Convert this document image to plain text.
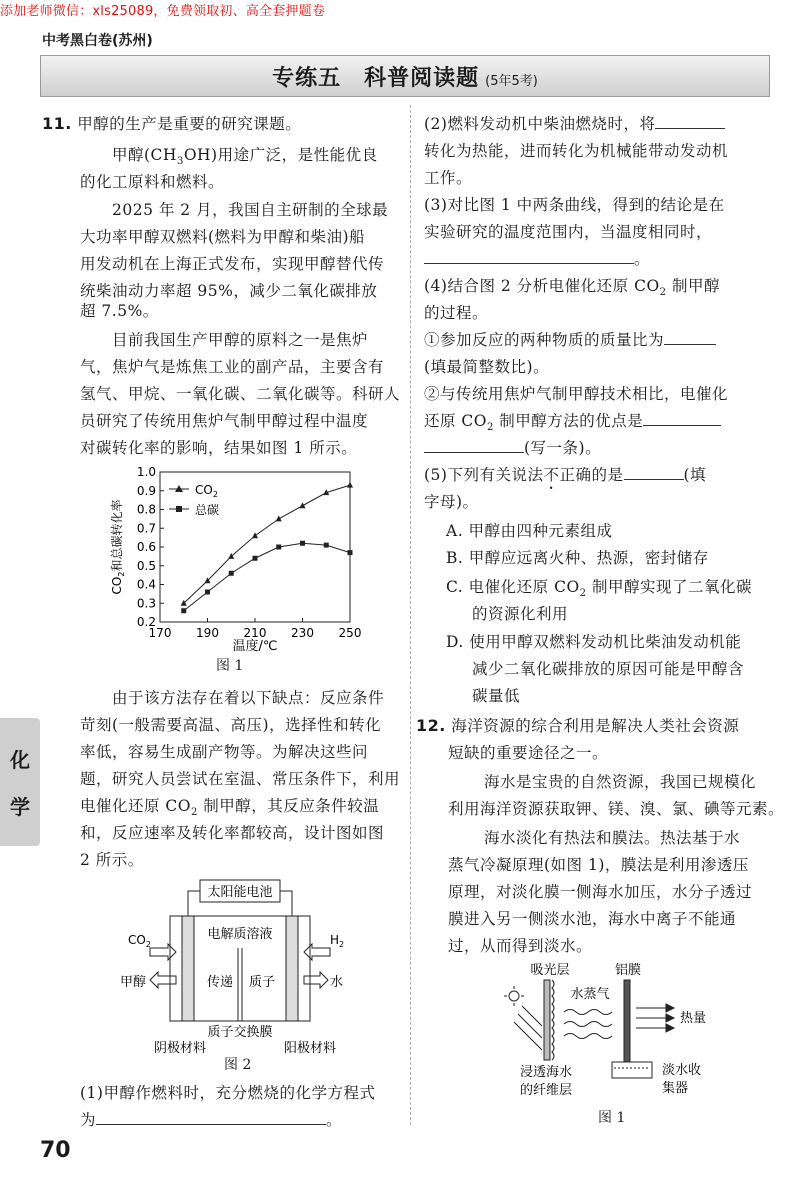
添加老师微信：xls25089，免费领取初、高全套押题卷
中考黑白卷(苏州)
专练五　科普阅读题 (5年5考)
化
学
70

11. 甲醇的生产是重要的研究课题。

甲醇$(CH_3OH)$用途广泛，是性能优良

的化工原料和燃料。

2025 年 2 月，我国自主研制的全球最

大功率甲醇双燃料(燃料为甲醇和柴油)船

用发动机在上海正式发布，实现甲醇替代传

统柴油动力率超 95%，减少二氧化碳排放

超 7.5%。

目前我国生产甲醇的原料之一是焦炉

气，焦炉气是炼焦工业的副产品，主要含有

氢气、甲烷、一氧化碳、二氧化碳等。科研人

员研究了传统用焦炉气制甲醇过程中温度

对碳转化率的影响，结果如图 1 所示。

0.2
0.3
0.4
0.5
0.6
0.7
0.8
0.9
1.0
170 190 210 230 250
$CO_2$
总碳
温度/℃
$CO_2$和总碳转化率
图 1

由于该方法存在着以下缺点：反应条件

苛刻(一般需要高温、高压)，选择性和转化

率低，容易生成副产物等。为解决这些问

题，研究人员尝试在室温、常压条件下，利用

电催化还原 $CO_2$ 制甲醇，其反应条件较温

和，反应速率及转化率都较高，设计图如图

2 所示。

太阳能电池
电解质溶液
传递 质子
$CO_2$	$H_2$
甲醇	水
质子交换膜
阴极材料	阳极材料
图 2

(1)甲醇作燃料时，充分燃烧的化学方程式

为	。

(2)燃料发动机中柴油燃烧时，将

转化为热能，进而转化为机械能带动发动机

工作。

(3)对比图 1 中两条曲线，得到的结论是在

实验研究的温度范围内，当温度相同时，

。

(4)结合图 2 分析电催化还原 $CO_2$ 制甲醇

的过程。

①参加反应的两种物质的质量比为

(填最简整数比)。

②与传统用焦炉气制甲醇技术相比，电催化

还原 $CO_2$ 制甲醇方法的优点是

(写一条)。

(5)下列有关说法不正确的是	(填

字母)。

A. 甲醇由四种元素组成

B. 甲醇应远离火种、热源，密封储存

C. 电催化还原 $CO_2$ 制甲醇实现了二氧化碳

的资源化利用

D. 使用甲醇双燃料发动机比柴油发动机能

减少二氧化碳排放的原因可能是甲醇含

碳量低

12. 海洋资源的综合利用是解决人类社会资源

短缺的重要途径之一。

海水是宝贵的自然资源，我国已规模化

利用海洋资源获取钾、镁、溴、氯、碘等元素。

海水淡化有热法和膜法。热法基于水

蒸气冷凝原理(如图 1)，膜法是利用渗透压

原理，对淡化膜一侧海水加压，水分子透过

膜进入另一侧淡水池，海水中离子不能通

过，从而得到淡水。

吸光层	铝膜
水蒸气
热量
淡水收
集器
浸透海水
的纤维层
图 1
